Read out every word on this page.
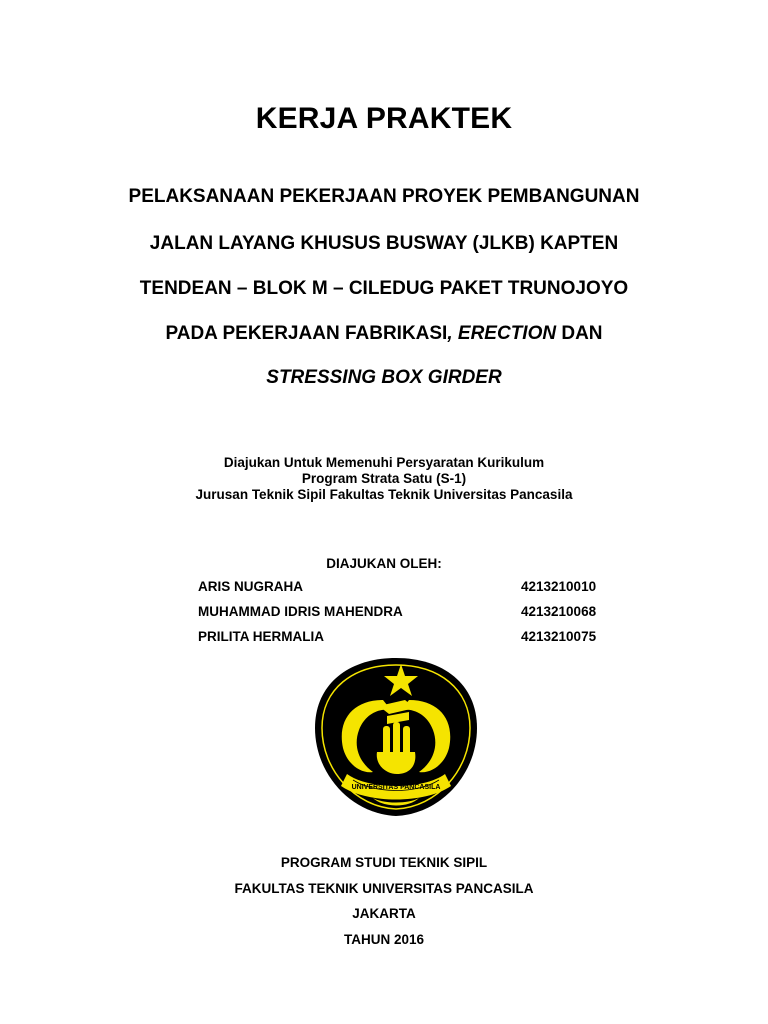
KERJA PRAKTEK
PELAKSANAAN PEKERJAAN PROYEK PEMBANGUNAN
JALAN LAYANG KHUSUS BUSWAY (JLKB) KAPTEN
TENDEAN – BLOK M – CILEDUG PAKET TRUNOJOYO
PADA PEKERJAAN FABRIKASI, ERECTION DAN
STRESSING BOX GIRDER
Diajukan Untuk Memenuhi Persyaratan Kurikulum
Program Strata Satu (S-1)
Jurusan Teknik Sipil Fakultas Teknik Universitas Pancasila
DIAJUKAN OLEH:
ARIS NUGRAHA	4213210010
MUHAMMAD IDRIS MAHENDRA	4213210068
PRILITA HERMALIA	4213210075
UNIVERSITAS PANCASILA
PROGRAM STUDI TEKNIK SIPIL
FAKULTAS TEKNIK UNIVERSITAS PANCASILA
JAKARTA
TAHUN 2016
